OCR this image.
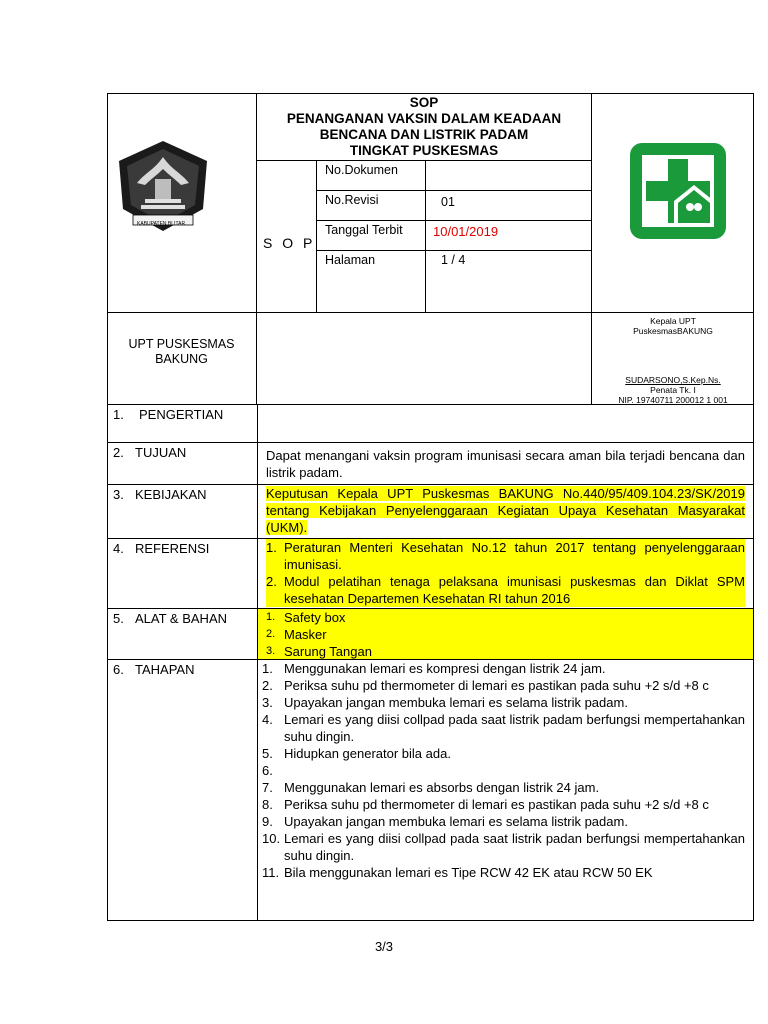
KABUPATEN BLITAR
SOP
PENANGANAN VAKSIN DALAM KEADAAN
BENCANA DAN LISTRIK PADAM
TINGKAT PUSKESMAS
S O P
No.Dokumen
No.Revisi	01
Tanggal Terbit 10/01/2019
Halaman	1 / 4
UPT PUSKESMAS
BAKUNG
Kepala UPT
PuskesmasBAKUNG
SUDARSONO,S.Kep.Ns.
Penata Tk. I
NIP. 19740711 200012 1 001
1. PENGERTIAN
2. TUJUAN	Dapat menangani vaksin program imunisasi secara aman bila terjadi bencana dan listrik padam.
3. KEBIJAKAN	Keputusan Kepala UPT Puskesmas BAKUNG No.440/95/409.104.23/SK/2019 tentang Kebijakan Penyelenggaraan Kegiatan Upaya Kesehatan Masyarakat (UKM).
4. REFERENSI	1. Peraturan Menteri Kesehatan No.12 tahun 2017 tentang penyelenggaraan imunisasi.
2. Modul pelatihan tenaga pelaksana imunisasi puskesmas dan Diklat SPM kesehatan Departemen Kesehatan RI tahun 2016
5. ALAT & BAHAN	1. Safety box
2. Masker
3. Sarung Tangan
6. TAHAPAN	1. Menggunakan lemari es kompresi dengan listrik 24 jam.
2. Periksa suhu pd thermometer di lemari es pastikan pada suhu +2 s/d +8 c
3. Upayakan jangan membuka lemari es selama listrik padam.
4. Lemari es yang diisi collpad pada saat listrik padam berfungsi mempertahankan suhu dingin.
5. Hidupkan generator bila ada.
6.
7. Menggunakan lemari es absorbs dengan listrik 24 jam.
8. Periksa suhu pd thermometer di lemari es pastikan pada suhu +2 s/d +8 c
9. Upayakan jangan membuka lemari es selama listrik padam.
10. Lemari es yang diisi collpad pada saat listrik padan berfungsi mempertahankan suhu dingin.
11. Bila menggunakan lemari es Tipe RCW 42 EK atau RCW 50 EK
3/3
